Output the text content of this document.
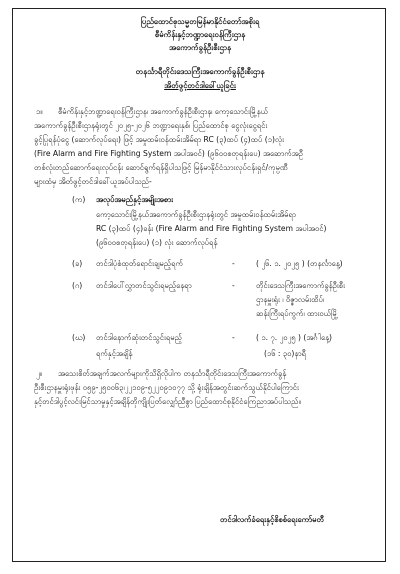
ပြည်ထောင်စုသမ္မတမြန်မာနိုင်ငံတော်အစိုးရ
စီမံကိန်းနှင့်ဘဏ္ဍာရေးဝန်ကြီးဌာန
အကောက်ခွန်ဦးစီးဌာန
တနင်္သာရီတိုင်းဒေသကြီးအကောက်ခွန်ဦးစီးဌာန
အိတ်ဖွင့်တင်ဒါခေါ်ယူခြင်း
၁။ စီမံကိန်းနှင့်ဘဏ္ဍာရေးဝန်ကြီးဌာန၊ အကောက်ခွန်ဦးစီးဌာန၊ ကော့သောင်းမြို့နယ်
အကောက်ခွန်ဦးစီးဌာနရုံးတွင် ၂၀၂၅-၂၀၂၆ ဘဏ္ဍာရေးနှစ်၊ ပြည်ထောင်စု ငွေလုံးငွေရင်း
ခွင့်ပြုရန်ပုံငွေ (ဆောက်လုပ်ရေး) ဖြင့် အမှုထမ်းဝန်ထမ်းအိမ်ရာ RC (၃)ထပ် (၄)ထပ် (၁)လုံး
(Fire Alarm and Fire Fighting System အပါအဝင်) (၉၆၀၀စတုရန်းပေ) အဆောက်အဦ
တစ်လုံးတည်ဆောက်ရေးလုပ်ငန်း ဆောင်ရွက်ရန်ရှိပါသဖြင့် မြန်မာနိုင်ငံသားလုပ်ငန်းရှင်/ကုမ္ပဏီ
များထံမှ အိတ်ဖွင့်တင်ဒါခေါ်ယူအပ်ပါသည်-
(က) အလုပ်အမည်နှင့်အမျိုးအစား
ကော့သောင်းမြို့နယ်အကောက်ခွန်ဦးစီးဌာနရုံးတွင် အမှုထမ်းဝန်ထမ်းအိမ်ရာ
RC (၃)ထပ် (၄)ခန်း (Fire Alarm and Fire Fighting System အပါအဝင်)
(၉၆၀၀စတုရန်းပေ) (၁) လုံး ဆောက်လုပ်ရန်
(ခ) တင်ဒါပုံစံထုတ်ရောင်းချမည့်ရက်	-	( ၂၆. ၁. ၂၀၂၅ ) (တနင်္လာနေ့)
(ဂ) တင်ဒါပေါ်လွှာတင်သွင်းရမည့်နေရာ	-	တိုင်းဒေသကြီးအကောက်ခွန်ဦးစီး
ဌာနမှူးရုံး ၊ ဝိဇ္ဇာလမ်းထိပ်၊
ဆန်းကြီးရပ်ကွက်၊ ထားဝယ်မြို့
(ဃ) တင်ဒါနောက်ဆုံးတင်သွင်းရမည့်	-	( ၁. ၇. ၂၀၂၅ ) (အင်္ဂါနေ့)
ရက်နှင့်အချိန်	(၁၆ : ၃၀)နာရီ
၂။ အသေးစိတ်အချက်အလက်များကိုသိရှိလိုပါက တနင်္သာရီတိုင်းဒေသကြီးအကောက်ခွန်
ဦးစီးဌာနမှူးရုံးဖုန်း ၀၅၉-၂၅၀၀၆၃၊၂၂၁၀၉-၅၂၂၀၉၁၀၇၇ သို့ ရုံးချိန်အတွင်းဆက်သွယ်နိုင်ပါကြောင်း
နှင့်တင်ဒါပွင့်လင်းမြင်သာမှုနှင့်အချိန်တိုကျိုးပြတ်လျှော်ညီစွာ ပြည်ထောင်စုနိုင်ငံကြေညာအပ်ပါသည်။
တင်ဒါလက်ခံရေးနှင့်စိစစ်ရေးကော်မတီ
